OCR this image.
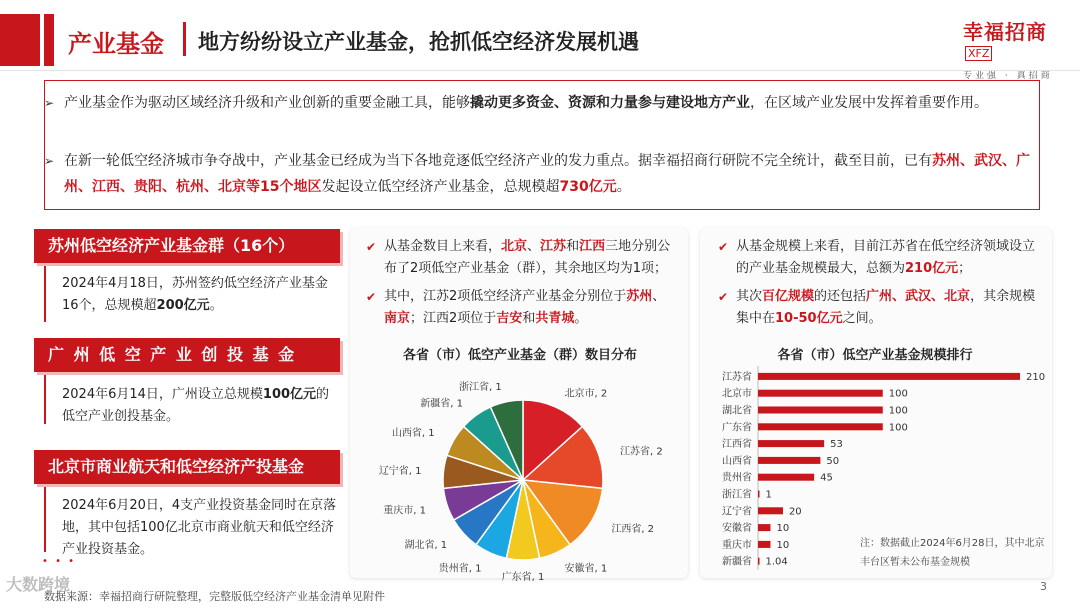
产业基金 地方纷纷设立产业基金，抢抓低空经济发展机遇	幸福招商XFZ
专业强 · 真招商
➢ 产业基金作为驱动区域经济升级和产业创新的重要金融工具，能够撬动更多资金、资源和力量参与建设地方产业，在区域产业发展中发挥着重要作用。
➢ 在新一轮低空经济城市争夺战中，产业基金已经成为当下各地竞逐低空经济产业的发力重点。据幸福招商行研院不完全统计，截至目前，已有苏州、武汉、广州、江西、贵阳、杭州、北京等15个地区发起设立低空经济产业基金，总规模超730亿元。
苏州低空经济产业基金群（16个）
2024年4月18日，苏州签约低空经济产业基金16个，总规模超200亿元。
广 州 低 空 产 业 创 投 基 金
2024年6月14日，广州设立总规模100亿元的低空产业创投基金。
北京市商业航天和低空经济产投基金
2024年6月20日，4支产业投资基金同时在京落地，其中包括100亿北京市商业航天和低空经济产业投资基金。
• • •
✔ 从基金数目上来看，北京、江苏和江西三地分别公布了2项低空产业基金（群），其余地区均为1项；
✔ 其中，江苏2项低空经济产业基金分别位于苏州、南京；江西2项位于吉安和共青城。
各省（市）低空产业基金（群）数目分布
北京市, 2
江苏省, 2
江西省, 2
安徽省, 1
广东省, 1
贵州省, 1
湖北省, 1
重庆市, 1
辽宁省, 1
山西省, 1
新疆省, 1
浙江省, 1
✔ 从基金规模上来看，目前江苏省在低空经济领域设立的产业基金规模最大，总额为210亿元；
✔ 其次百亿规模的还包括广州、武汉、北京，其余规模集中在10-50亿元之间。
各省（市）低空产业基金规模排行
江苏省	210
北京市	100
湖北省	100
广东省	100
江西省	53
山西省	50
贵州省	45
浙江省 1
辽宁省	20
安徽省 10
重庆市 10
新疆省 1.04
注：数据截止2024年6月28日，其中北京丰台区暂未公布基金规模
大数跨境
数据来源：幸福招商行研院整理，完整版低空经济产业基金清单见附件
3
